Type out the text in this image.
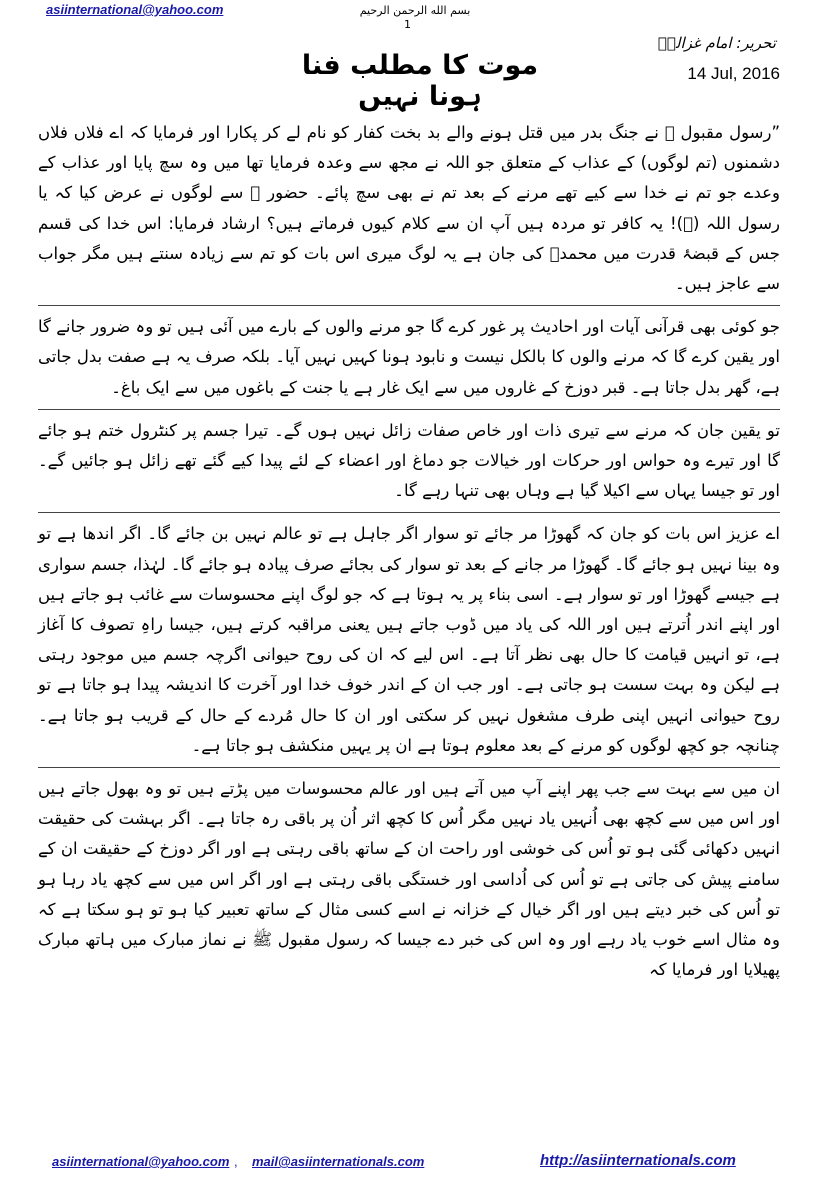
asiinternational@yahoo.com	بسم الله الرحمن الرحیم
1
تحریر: امام غزالیؒ
14 Jul, 2016
موت کا مطلب فنا ہونا نہیں

”رسول مقبول ﷺ نے جنگ بدر میں قتل ہونے والے بد بخت کفار کو نام لے کر پکارا اور فرمایا کہ اے فلاں فلاں دشمنوں (تم لوگوں) کے عذاب کے متعلق جو اللہ نے مجھ سے وعدہ فرمایا تھا میں وہ سچ پایا اور عذاب کے وعدے جو تم نے خدا سے کیے تھے مرنے کے بعد تم نے بھی سچ پائے۔ حضور ﷺ سے لوگوں نے عرض کیا کہ یا رسول اللہ (ﷺ)! یہ کافر تو مردہ ہیں آپ ان سے کلام کیوں فرماتے ہیں؟ ارشاد فرمایا: اس خدا کی قسم جس کے قبضۂ قدرت میں محمدؐ کی جان ہے یہ لوگ میری اس بات کو تم سے زیادہ سنتے ہیں مگر جواب سے عاجز ہیں۔

جو کوئی بھی قرآنی آیات اور احادیث پر غور کرے گا جو مرنے والوں کے بارے میں آئی ہیں تو وہ ضرور جانے گا اور یقین کرے گا کہ مرنے والوں کا بالکل نیست و نابود ہونا کہیں نہیں آیا۔ بلکہ صرف یہ ہے صفت بدل جاتی ہے، گھر بدل جاتا ہے۔ قبر دوزخ کے غاروں میں سے ایک غار ہے یا جنت کے باغوں میں سے ایک باغ۔

تو یقین جان کہ مرنے سے تیری ذات اور خاص صفات زائل نہیں ہوں گے۔ تیرا جسم پر کنٹرول ختم ہو جائے گا اور تیرے وہ حواس اور حرکات اور خیالات جو دماغ اور اعضاء کے لئے پیدا کیے گئے تھے زائل ہو جائیں گے۔ اور تو جیسا یہاں سے اکیلا گیا ہے وہاں بھی تنہا رہے گا۔

اے عزیز اس بات کو جان کہ گھوڑا مر جائے تو سوار اگر جاہل ہے تو عالم نہیں بن جائے گا۔ اگر اندھا ہے تو وہ بینا نہیں ہو جائے گا۔ گھوڑا مر جانے کے بعد تو سوار کی بجائے صرف پیادہ ہو جائے گا۔ لہٰذا، جسم سواری ہے جیسے گھوڑا اور تو سوار ہے۔ اسی بناء پر یہ ہوتا ہے کہ جو لوگ اپنے محسوسات سے غائب ہو جاتے ہیں اور اپنے اندر اُترتے ہیں اور اللہ کی یاد میں ڈوب جاتے ہیں یعنی مراقبہ کرتے ہیں، جیسا راہِ تصوف کا آغاز ہے، تو انہیں قیامت کا حال بھی نظر آتا ہے۔ اس لیے کہ ان کی روح حیوانی اگرچہ جسم میں موجود رہتی ہے لیکن وہ بہت سست ہو جاتی ہے۔ اور جب ان کے اندر خوف خدا اور آخرت کا اندیشہ پیدا ہو جاتا ہے تو روح حیوانی انہیں اپنی طرف مشغول نہیں کر سکتی اور ان کا حال مُردے کے حال کے قریب ہو جاتا ہے۔ چنانچہ جو کچھ لوگوں کو مرنے کے بعد معلوم ہوتا ہے ان پر یہیں منکشف ہو جاتا ہے۔

ان میں سے بہت سے جب پھر اپنے آپ میں آتے ہیں اور عالم محسوسات میں پڑتے ہیں تو وہ بھول جاتے ہیں اور اس میں سے کچھ بھی اُنہیں یاد نہیں مگر اُس کا کچھ اثر اُن پر باقی رہ جاتا ہے۔ اگر بہشت کی حقیقت انہیں دکھائی گئی ہو تو اُس کی خوشی اور راحت ان کے ساتھ باقی رہتی ہے اور اگر دوزخ کے حقیقت ان کے سامنے پیش کی جاتی ہے تو اُس کی اُداسی اور خستگی باقی رہتی ہے اور اگر اس میں سے کچھ یاد رہا ہو تو اُس کی خبر دیتے ہیں اور اگر خیال کے خزانہ نے اسے کسی مثال کے ساتھ تعبیر کیا ہو تو ہو سکتا ہے کہ وہ مثال اسے خوب یاد رہے اور وہ اس کی خبر دے جیسا کہ رسول مقبول ﷺ نے نماز مبارک میں ہاتھ مبارک پھیلایا اور فرمایا کہ

asiinternational@yahoo.com , mail@asiinternationals.com	http://asiinternationals.com
